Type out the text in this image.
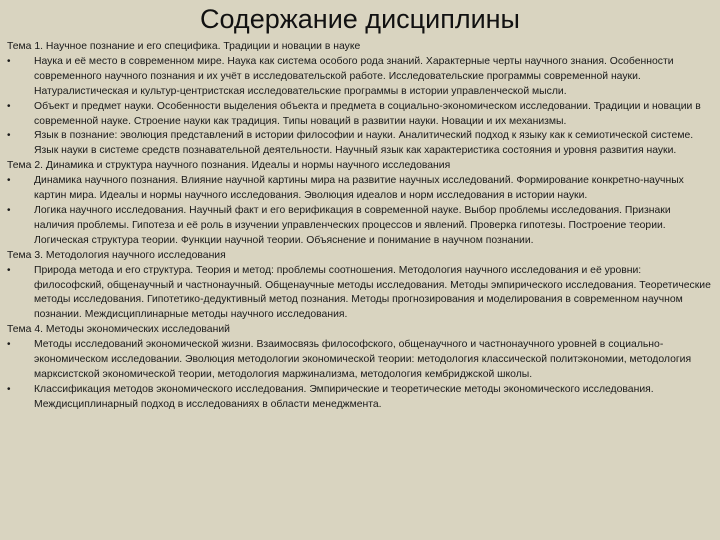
Содержание дисциплины

Тема 1. Научное познание и его специфика. Традиции и новации в науке

•
Наука и её место в современном мире. Наука как система особого рода знаний. Характерные черты научного знания. Особенности современного научного познания и их учёт в исследовательской работе. Исследовательские программы современной науки. Натуралистическая и культур-центристская исследовательские программы в истории управленческой мысли.

•
Объект и предмет науки. Особенности выделения объекта и предмета в социально-экономическом исследовании. Традиции и новации в современной науке. Строение науки как традиция. Типы новаций в развитии науки. Новации и их механизмы.

•
Язык в познание: эволюция представлений в истории философии и науки. Аналитический подход к языку как к семиотической системе. Язык науки в системе средств познавательной деятельности. Научный язык как характеристика состояния и уровня развития науки.

Тема 2. Динамика и структура научного познания. Идеалы и нормы научного исследования

•
Динамика научного познания. Влияние научной картины мира на развитие научных исследований. Формирование конкретно-научных картин мира. Идеалы и нормы научного исследования. Эволюция идеалов и норм исследования в истории науки.

•
Логика научного исследования. Научный факт и его верификация в современной науке. Выбор проблемы исследования. Признаки наличия проблемы. Гипотеза и её роль в изучении управленческих процессов и явлений. Проверка гипотезы. Построение теории. Логическая структура теории. Функции научной теории. Объяснение и понимание в научном познании.

Тема 3. Методология научного исследования

•
Природа метода и его структура. Теория и метод: проблемы соотношения. Методология научного исследования и её уровни: философский, общенаучный и частнонаучный. Общенаучные методы исследования. Методы эмпирического исследования. Теоретические методы исследования. Гипотетико-дедуктивный метод познания. Методы прогнозирования и моделирования в современном научном познании. Междисциплинарные методы научного исследования.

Тема 4. Методы экономических исследований

•
Методы исследований экономической жизни. Взаимосвязь философского, общенаучного и частнонаучного уровней в социально-экономическом исследовании. Эволюция методологии экономической теории: методология классической политэкономии, методология марксистской экономической теории, методология маржинализма, методология кембриджской школы.

•
Классификация методов экономического исследования. Эмпирические и теоретические методы экономического исследования. Междисциплинарный подход в исследованиях в области менеджмента.
